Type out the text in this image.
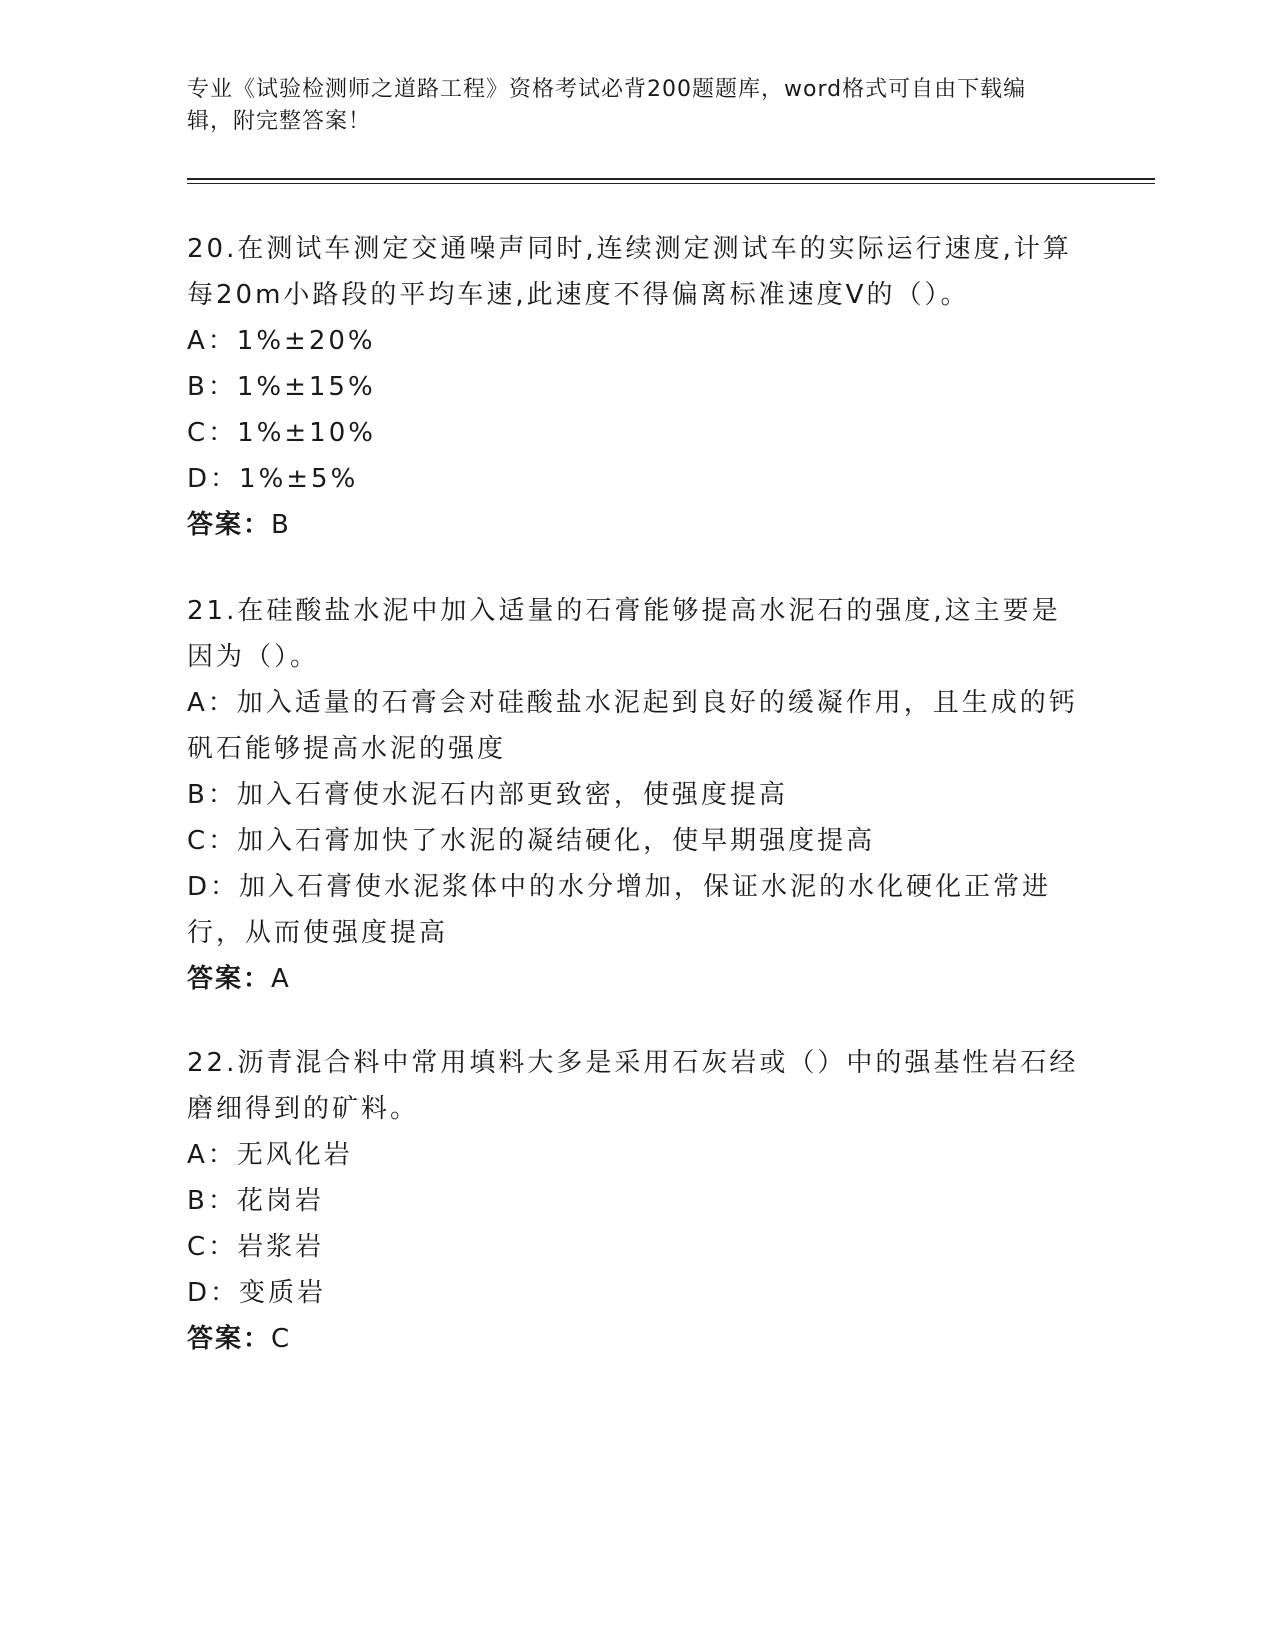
专业《试验检测师之道路工程》资格考试必背200题题库，word格式可自由下载编辑，附完整答案！
20.在测试车测定交通噪声同时,连续测定测试车的实际运行速度,计算每20m小路段的平均车速,此速度不得偏离标准速度V的（）。
A：1%±20%
B：1%±15%
C：1%±10%
D：1%±5%
答案：B
21.在硅酸盐水泥中加入适量的石膏能够提高水泥石的强度,这主要是因为（）。
A：加入适量的石膏会对硅酸盐水泥起到良好的缓凝作用，且生成的钙矾石能够提高水泥的强度
B：加入石膏使水泥石内部更致密，使强度提高
C：加入石膏加快了水泥的凝结硬化，使早期强度提高
D：加入石膏使水泥浆体中的水分增加，保证水泥的水化硬化正常进行，从而使强度提高
答案：A
22.沥青混合料中常用填料大多是采用石灰岩或（）中的强基性岩石经磨细得到的矿料。
A：无风化岩
B：花岗岩
C：岩浆岩
D：变质岩
答案：C
